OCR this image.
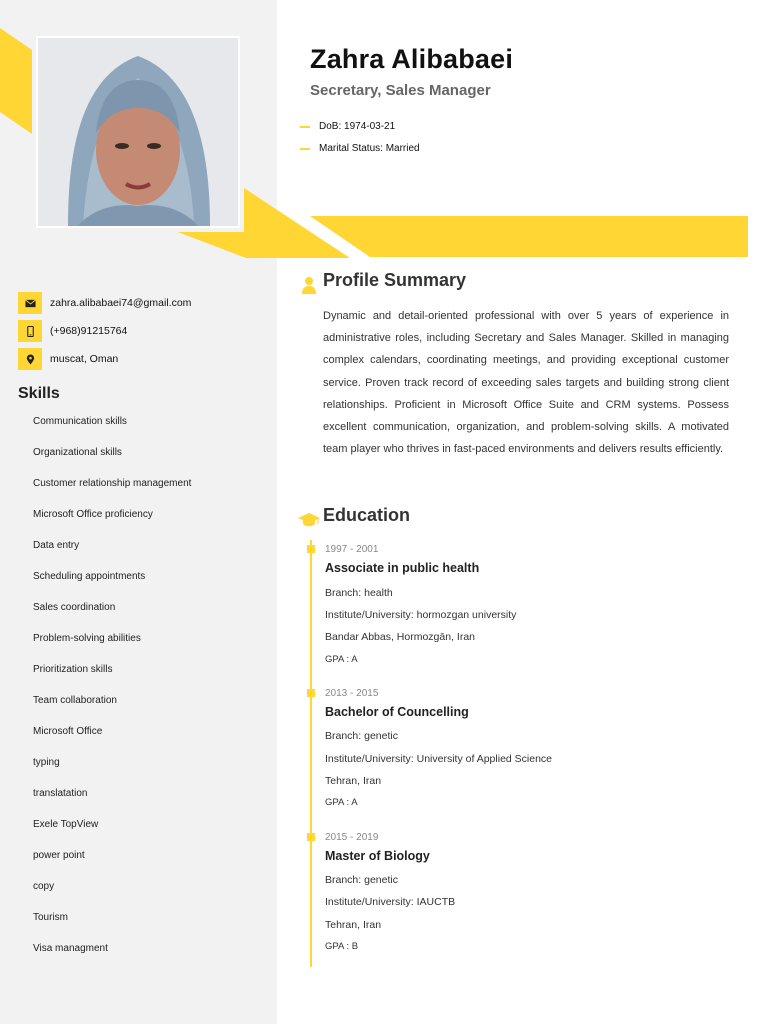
Zahra Alibabaei
Secretary, Sales Manager
DoB: 1974-03-21
Marital Status: Married
zahra.alibabaei74@gmail.com
(+968)91215764
muscat, Oman
Skills
Communication skills
Organizational skills
Customer relationship management
Microsoft Office proficiency
Data entry
Scheduling appointments
Sales coordination
Problem-solving abilities
Prioritization skills
Team collaboration
Microsoft Office
typing
translatation
Exele TopView
power point
copy
Tourism
Visa managment
Profile Summary
Dynamic and detail-oriented professional with over 5 years of experience in administrative roles, including Secretary and Sales Manager. Skilled in managing complex calendars, coordinating meetings, and providing exceptional customer service. Proven track record of exceeding sales targets and building strong client relationships. Proficient in Microsoft Office Suite and CRM systems. Possess excellent communication, organization, and problem-solving skills. A motivated team player who thrives in fast-paced environments and delivers results efficiently.
Education
1997 - 2001
Associate in public health
Branch: health
Institute/University: hormozgan university
Bandar Abbas, Hormozgān, Iran
GPA : A
2013 - 2015
Bachelor of Councelling
Branch: genetic
Institute/University: University of Applied Science
Tehran, Iran
GPA : A
2015 - 2019
Master of Biology
Branch: genetic
Institute/University: IAUCTB
Tehran, Iran
GPA : B
